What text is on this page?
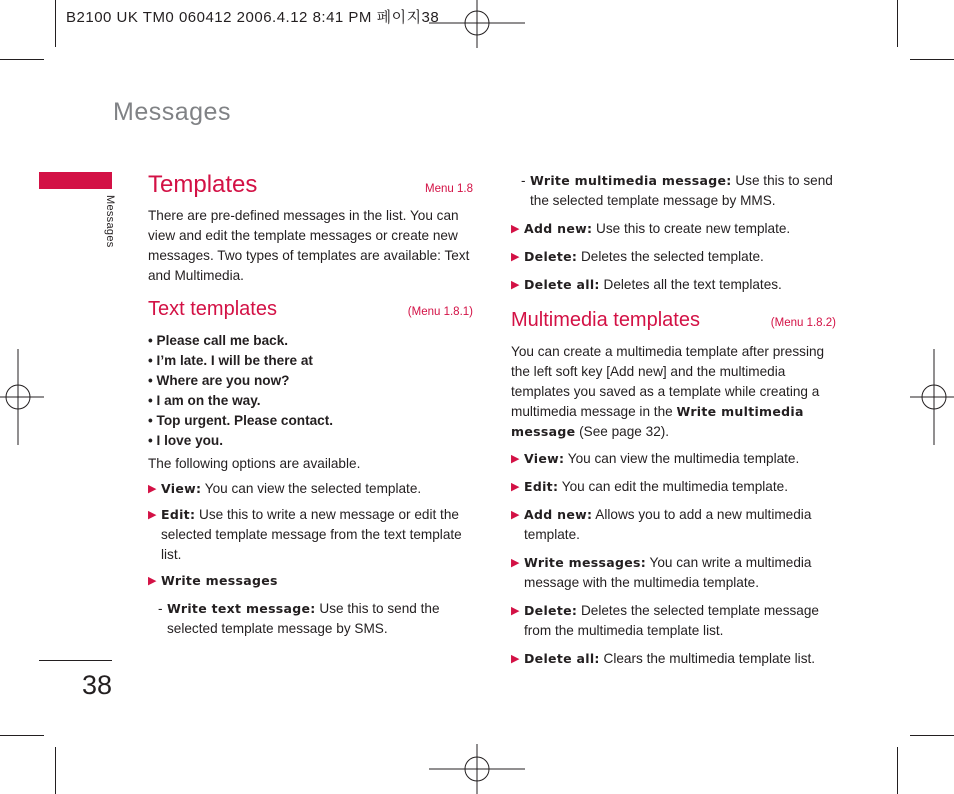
B2100 UK TM0 060412 2006.4.12 8:41 PM 페이지38
Messages
Messages
38
Templates	Menu 1.8

There are pre-defined messages in the list. You can view and edit the template messages or create new messages. Two types of templates are available: Text and Multimedia.

Text templates	(Menu 1.8.1)

• Please call me back.

• I’m late. I will be there at

• Where are you now?

• I am on the way.

• Top urgent. Please contact.

• I love you.

The following options are available.

▶ View: You can view the selected template.

▶ Edit: Use this to write a new message or edit the selected template message from the text template list.

▶ Write messages

- Write text message: Use this to send the selected template message by SMS.

- Write multimedia message: Use this to send the selected template message by MMS.

▶ Add new: Use this to create new template.

▶ Delete: Deletes the selected template.

▶ Delete all: Deletes all the text templates.

Multimedia templates	(Menu 1.8.2)

You can create a multimedia template after pressing the left soft key [Add new] and the multimedia templates you saved as a template while creating a multimedia message in the Write multimedia message (See page 32).

▶ View: You can view the multimedia template.

▶ Edit: You can edit the multimedia template.

▶ Add new: Allows you to add a new multimedia template.

▶ Write messages: You can write a multimedia message with the multimedia template.

▶ Delete: Deletes the selected template message from the multimedia template list.

▶ Delete all: Clears the multimedia template list.
